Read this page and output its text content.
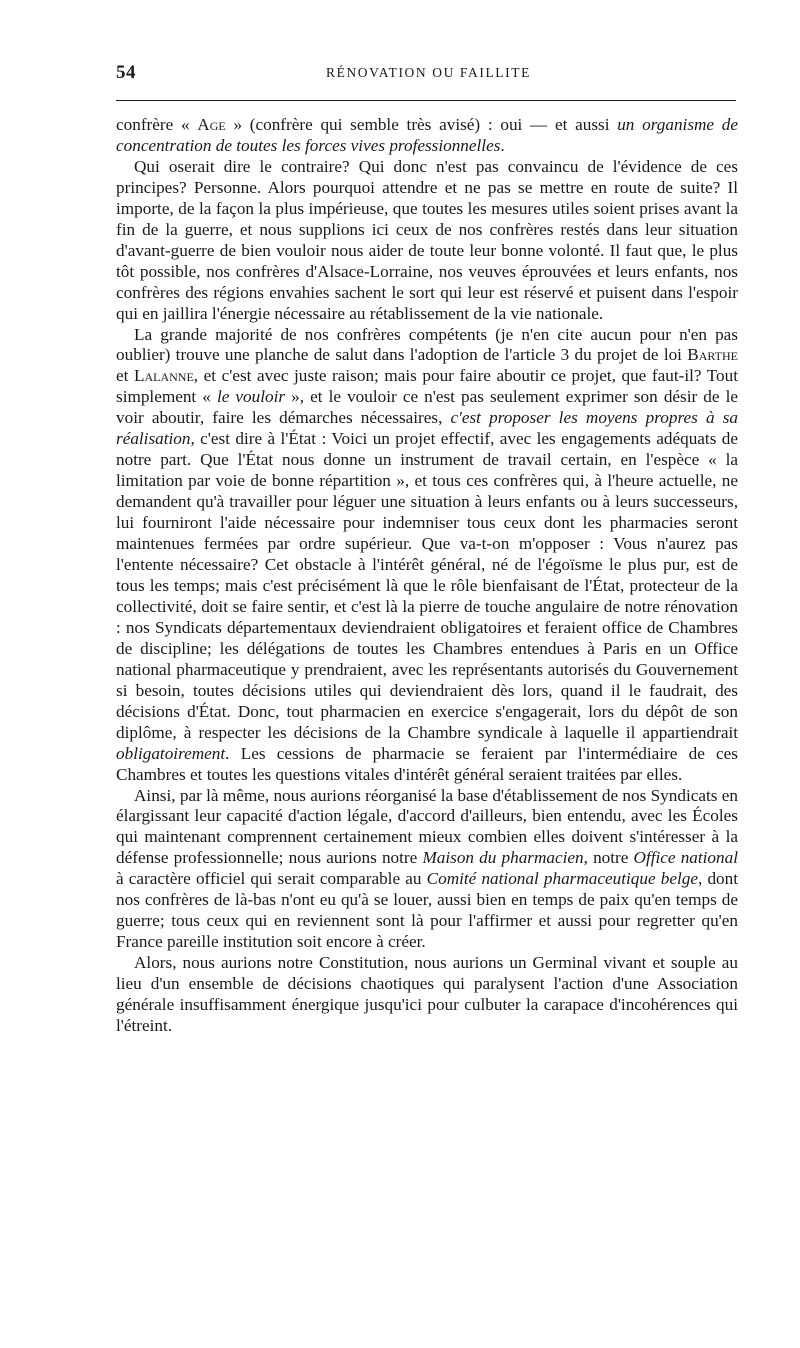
54	RÉNOVATION OU FAILLITE

confrère « Age » (confrère qui semble très avisé) : oui — et aussi un organisme de concentration de toutes les forces vives professionnelles.

Qui oserait dire le contraire? Qui donc n'est pas convaincu de l'évidence de ces principes? Personne. Alors pourquoi attendre et ne pas se mettre en route de suite? Il importe, de la façon la plus impérieuse, que toutes les mesures utiles soient prises avant la fin de la guerre, et nous supplions ici ceux de nos confrères restés dans leur situation d'avant-guerre de bien vouloir nous aider de toute leur bonne volonté. Il faut que, le plus tôt possible, nos confrères d'Alsace-Lorraine, nos veuves éprouvées et leurs enfants, nos confrères des régions envahies sachent le sort qui leur est réservé et puisent dans l'espoir qui en jaillira l'énergie nécessaire au rétablissement de la vie nationale.

La grande majorité de nos confrères compétents (je n'en cite aucun pour n'en pas oublier) trouve une planche de salut dans l'adoption de l'article 3 du projet de loi Barthe et Lalanne, et c'est avec juste raison; mais pour faire aboutir ce projet, que faut-il? Tout simplement « le vouloir », et le vouloir ce n'est pas seulement exprimer son désir de le voir aboutir, faire les démarches nécessaires, c'est proposer les moyens propres à sa réalisation, c'est dire à l'État : Voici un projet effectif, avec les engagements adéquats de notre part. Que l'État nous donne un instrument de travail certain, en l'espèce « la limitation par voie de bonne répartition », et tous ces confrères qui, à l'heure actuelle, ne demandent qu'à travailler pour léguer une situation à leurs enfants ou à leurs successeurs, lui fourniront l'aide nécessaire pour indemniser tous ceux dont les pharmacies seront maintenues fermées par ordre supérieur. Que va-t-on m'opposer : Vous n'aurez pas l'entente nécessaire? Cet obstacle à l'intérêt général, né de l'égoïsme le plus pur, est de tous les temps; mais c'est précisément là que le rôle bienfaisant de l'État, protecteur de la collectivité, doit se faire sentir, et c'est là la pierre de touche angulaire de notre rénovation : nos Syndicats départementaux deviendraient obligatoires et feraient office de Chambres de discipline; les délégations de toutes les Chambres entendues à Paris en un Office national pharmaceutique y prendraient, avec les représentants autorisés du Gouvernement si besoin, toutes décisions utiles qui deviendraient dès lors, quand il le faudrait, des décisions d'État. Donc, tout pharmacien en exercice s'engagerait, lors du dépôt de son diplôme, à respecter les décisions de la Chambre syndicale à laquelle il appartiendrait obligatoirement. Les cessions de pharmacie se feraient par l'intermédiaire de ces Chambres et toutes les questions vitales d'intérêt général seraient traitées par elles.

Ainsi, par là même, nous aurions réorganisé la base d'établissement de nos Syndicats en élargissant leur capacité d'action légale, d'accord d'ailleurs, bien entendu, avec les Écoles qui maintenant comprennent certainement mieux combien elles doivent s'intéresser à la défense professionnelle; nous aurions notre Maison du pharmacien, notre Office national à caractère officiel qui serait comparable au Comité national pharmaceutique belge, dont nos confrères de là-bas n'ont eu qu'à se louer, aussi bien en temps de paix qu'en temps de guerre; tous ceux qui en reviennent sont là pour l'affirmer et aussi pour regretter qu'en France pareille institution soit encore à créer.

Alors, nous aurions notre Constitution, nous aurions un Germinal vivant et souple au lieu d'un ensemble de décisions chaotiques qui paralysent l'action d'une Association générale insuffisamment énergique jusqu'ici pour culbuter la carapace d'incohérences qui l'étreint.
